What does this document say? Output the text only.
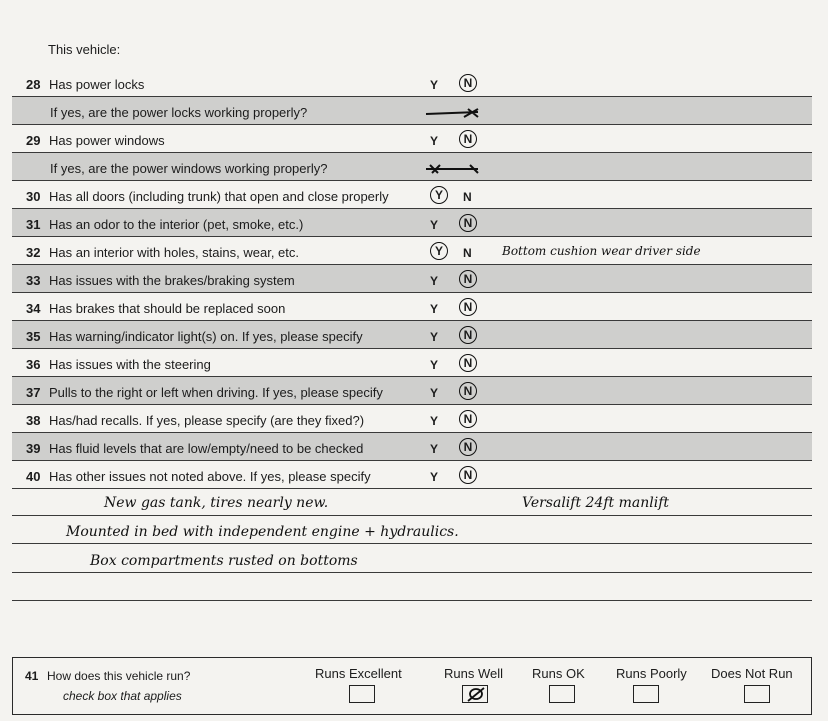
This vehicle:
28 Has power locks	Y N
If yes, are the power locks working properly?
29 Has power windows	Y N
If yes, are the power windows working properly?
30 Has all doors (including trunk) that open and close properly	Y	N
31 Has an odor to the interior (pet, smoke, etc.)	Y N
32 Has an interior with holes, stains, wear, etc.	Y	N	Bottom cushion wear driver side
33 Has issues with the brakes/braking system	Y N
34 Has brakes that should be replaced soon	Y N
35 Has warning/indicator light(s) on. If yes, please specify	Y N
36 Has issues with the steering	Y N
37 Pulls to the right or left when driving. If yes, please specify	Y N
38 Has/had recalls. If yes, please specify (are they fixed?)	Y N
39 Has fluid levels that are low/empty/need to be checked	Y N
40 Has other issues not noted above. If yes, please specify	Y N
New gas tank, tires nearly new.	Versalift 24ft manlift
Mounted in bed with independent engine + hydraulics.
Box compartments rusted on bottoms
41 How does this vehicle run?
check box that applies
Runs Excellent	Runs Well Runs OK Runs Poorly Does Not Run
